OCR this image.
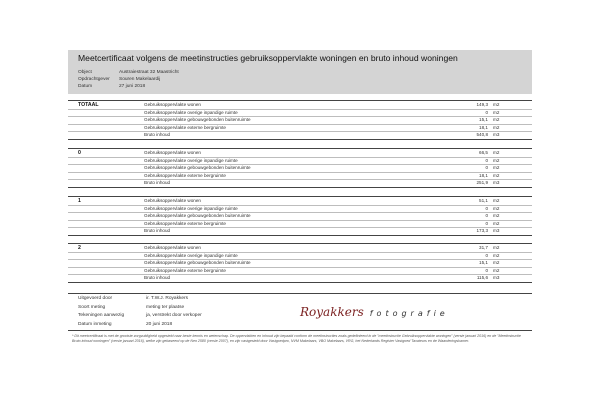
Meetcertificaat volgens de meetinstructies gebruiksoppervlakte woningen en bruto inhoud woningen
Object	Austraiestraat 32 Maastricht
Opdrachtgever Souren Makelaardij
Datum	27 juni 2018
TOTAAL	Gebruiksoppervlakte wonen	149,3 m2
Gebruiksoppervlakte overige inpandige ruimte	0 m2
Gebruiksoppervlakte gebouwgebonden buitenruimte	15,1 m2
Gebruiksoppervlakte externe bergruimte	18,1 m2
Bruto inhoud	540,8 m3
0	Gebruiksoppervlakte wonen	66,5 m2
Gebruiksoppervlakte overige inpandige ruimte	0 m2
Gebruiksoppervlakte gebouwgebonden buitenruimte	0 m2
Gebruiksoppervlakte externe bergruimte	18,1 m2
Bruto inhoud	251,9 m3
1	Gebruiksoppervlakte wonen	51,1 m2
Gebruiksoppervlakte overige inpandige ruimte	0 m2
Gebruiksoppervlakte gebouwgebonden buitenruimte	0 m2
Gebruiksoppervlakte externe bergruimte	0 m2
Bruto inhoud	173,3 m3
2	Gebruiksoppervlakte wonen	31,7 m2
Gebruiksoppervlakte overige inpandige ruimte	0 m2
Gebruiksoppervlakte gebouwgebonden buitenruimte	15,1 m2
Gebruiksoppervlakte externe bergruimte	0 m2
Bruto inhoud	115,6 m3
Uitgevoerd door	ir. T.W.J. Royakkers
Soort meting	meting ter plaatse
Tekeningen aanwezig	ja, verstrekt door verkoper
Datum inmeting	20 juni 2018
Royakkers fotografie
* Dit meetcertificaat is met de grootste zorgvuldigheid opgesteld naar beste kennis en wetenschap. De oppervlakten en inhoud zijn bepaald conform de meetinstructies zoals gedefinieerd in de "meetinstructie Gebruiksoppervlakte woningen" (versie januari 2016) en de "Meetinstructie Bruto inhoud woningen" (versie januari 2016), welke zijn gebaseerd op de Nen 2580 (versie 2007), en zijn vastgesteld door Vastgoedpro, NVM Makelaars, VBO Makelaars, VRG, het Nederlands Register Vastgoed Taxateurs en de Waarderingskamer.
